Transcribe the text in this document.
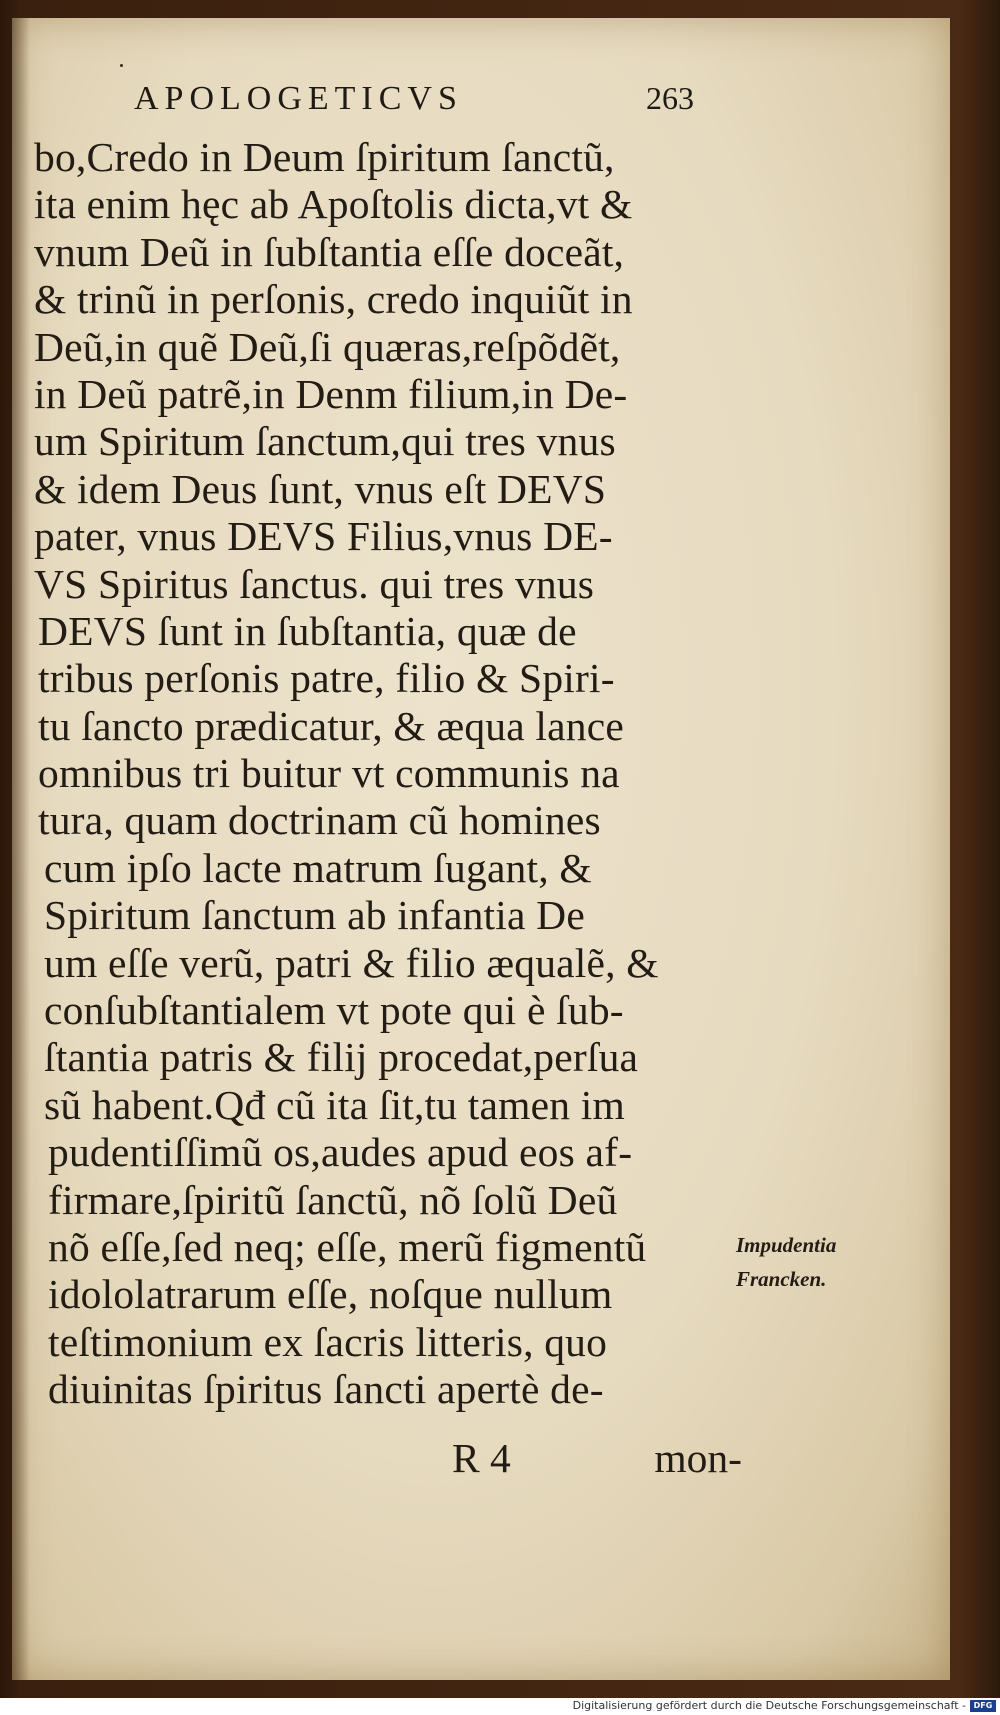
APOLOGETICVS	263
bo,Credo in Deum ſpiritum ſanctũ,
ita enim hęc ab Apoſtolis dicta,vt &
vnum Deũ in ſubſtantia eſſe doceãt,
& trinũ in perſonis, credo inquiũt in
Deũ,in quẽ Deũ,ſi quæras,reſpõdẽt,
in Deũ patrẽ,in Denm filium,in De-
um Spiritum ſanctum,qui tres vnus
& idem Deus ſunt, vnus eſt DEVS
pater, vnus DEVS Filius,vnus DE-
VS Spiritus ſanctus. qui tres vnus
DEVS ſunt in ſubſtantia, quæ de
tribus perſonis patre, filio & Spiri-
tu ſancto prædicatur, & æqua lance
omnibus tri buitur vt communis na
tura, quam doctrinam cũ homines
cum ipſo lacte matrum ſugant, &
Spiritum ſanctum ab infantia De
um eſſe verũ, patri & filio æqualẽ, &
conſubſtantialem vt pote qui è ſub-
ſtantia patris & filij procedat,perſua
sũ habent.Qđ cũ ita ſit,tu tamen im
pudentiſſimũ os,audes apud eos af-
firmare,ſpiritũ ſanctũ, nõ ſolũ Deũ
nõ eſſe,ſed neq; eſſe, merũ figmentũ
idololatrarum eſſe, noſque nullum
teſtimonium ex ſacris litteris, quo
diuinitas ſpiritus ſancti apertè de-
Impudentia
Francken.
R 4	mon-
Digitalisierung gefördert durch die Deutsche Forschungsgemeinschaft - DFG
